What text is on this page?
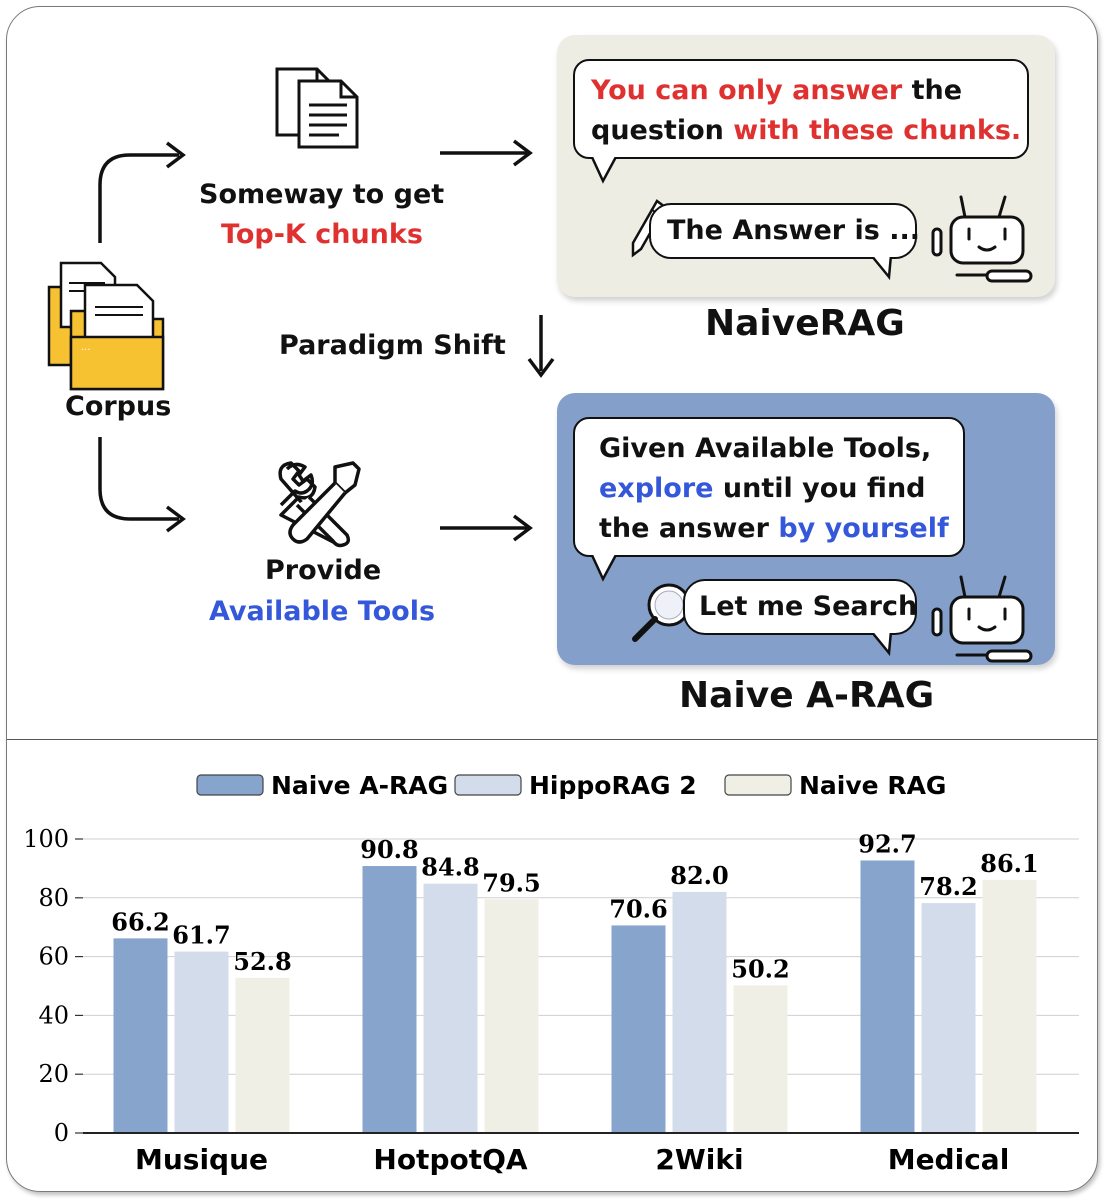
···
Corpus
Someway to get
Top-K chunks
Paradigm Shift
Provide
Available Tools
You can only answer the
question with these chunks.
The Answer is ...
NaiveRAG
Given Available Tools,
explore until you find
the answer by yourself
Let me Search
Naive A-RAG
Naive A-RAG	HippoRAG 2	Naive RAG
66.2 61.7
52.8
90.8
84.8
79.5
70.6
82.0
50.2
92.7
78.2
86.1
0
20
40
60
80
100
Musique	HotpotQA	2Wiki	Medical
